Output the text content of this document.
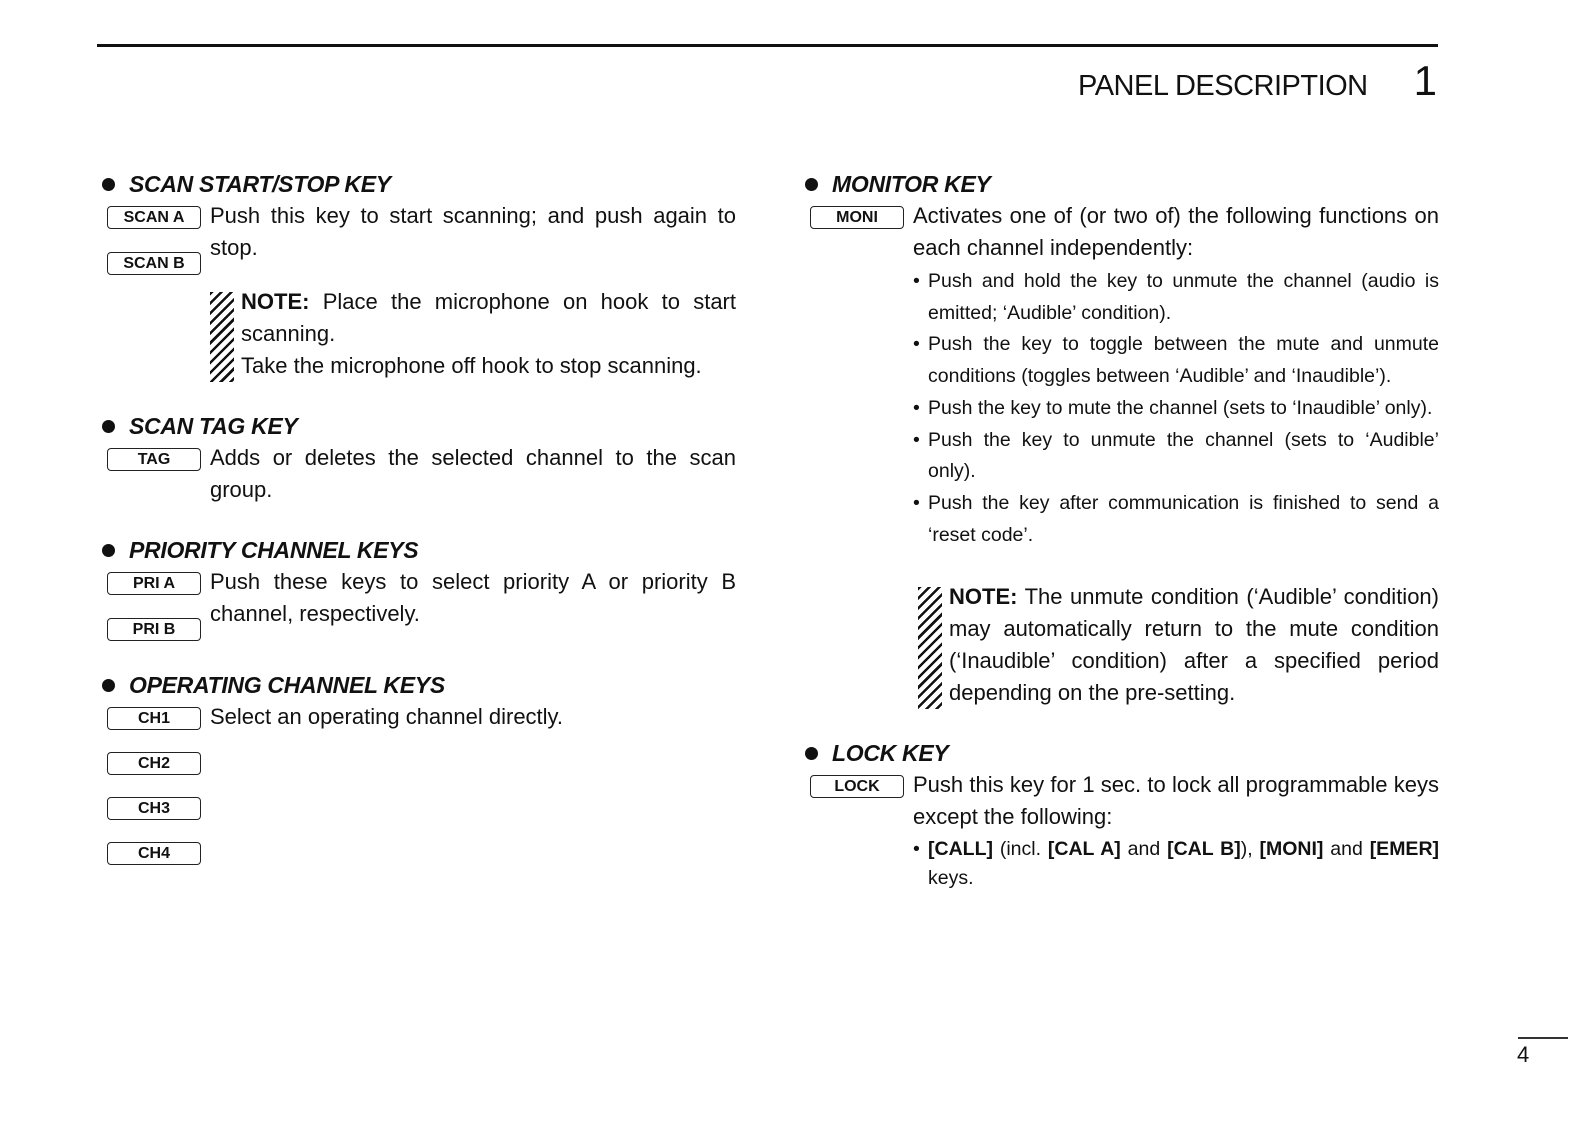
PANEL DESCRIPTION 1
SCAN START/STOP KEY
SCAN A
SCAN B

Push this key to start scanning; and push again to stop.

NOTE: Place the microphone on hook to start scanning.
Take the microphone off hook to stop scanning.
SCAN TAG KEY
TAG	Adds or deletes the selected channel to the scan group.

PRIORITY CHANNEL KEYS
PRI A
PRI B

Push these keys to select priority A or priority B channel, respectively.

OPERATING CHANNEL KEYS
CH1
CH2
CH3
CH4

Select an operating channel directly.

MONITOR KEY
MONI	Activates one of (or two of) the following functions on each channel independently:

• Push and hold the key to unmute the channel (audio is emitted; ‘Audible’ condition).
• Push the key to toggle between the mute and unmute conditions (toggles between ‘Audible’ and ‘Inaudible’).
• Push the key to mute the channel (sets to ‘Inaudible’ only).
• Push the key to unmute the channel (sets to ‘Audible’ only).
• Push the key after communication is finished to send a ‘reset code’.
NOTE: The unmute condition (‘Audible’ condition) may automatically return to the mute condition (‘Inaudible’ condition) after a specified period depending on the pre-setting.
LOCK KEY
LOCK	Push this key for 1 sec. to lock all programmable keys except the following:

• [CALL] (incl. [CAL A] and [CAL B]), [MONI] and [EMER] keys.
4
